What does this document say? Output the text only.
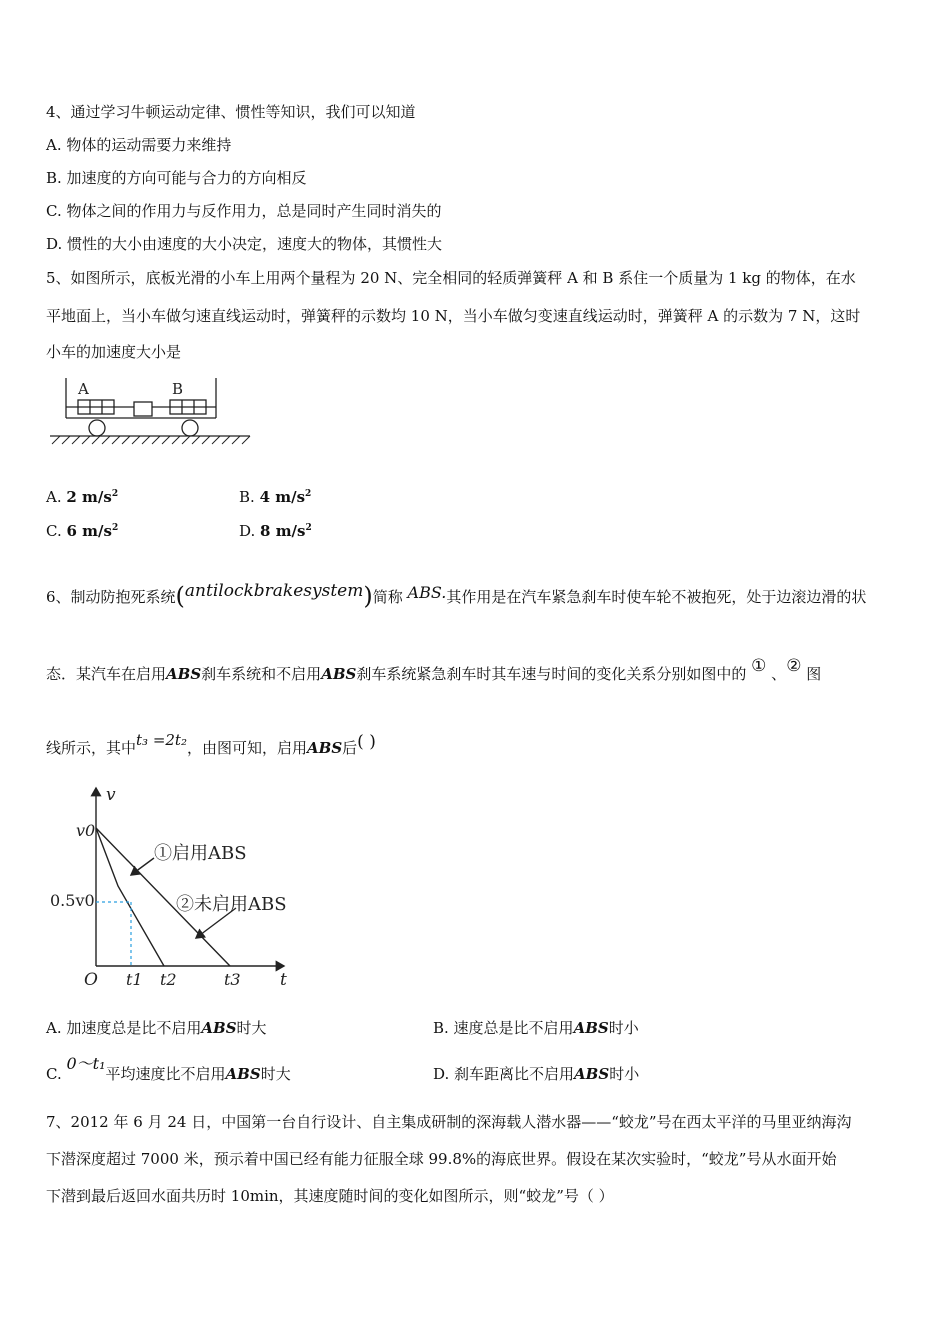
4、通过学习牛顿运动定律、惯性等知识，我们可以知道
A. 物体的运动需要力来维持
B. 加速度的方向可能与合力的方向相反
C. 物体之间的作用力与反作用力，总是同时产生同时消失的
D. 惯性的大小由速度的大小决定，速度大的物体，其惯性大
5、如图所示，底板光滑的小车上用两个量程为 20 N、完全相同的轻质弹簧秤 A 和 B 系住一个质量为 1 kg 的物体，在水
平地面上，当小车做匀速直线运动时，弹簧秤的示数均 10 N，当小车做匀变速直线运动时，弹簧秤 A 的示数为 7 N，这时
小车的加速度大小是
A	B
A. 2 $m/s^2$	B. 4 $m/s^2$
C. 6 $m/s^2$	D. 8 $m/s^2$
6、制动防抱死系统(antilockbrakesystem)简称 ABS.其作用是在汽车紧急刹车时使车轮不被抱死，处于边滚边滑的状
态．某汽车在启用ABS刹车系统和不启用ABS刹车系统紧急刹车时其车速与时间的变化关系分别如图中的 ① 、② 图
线所示，其中t₃ =2t₂，由图可知，启用ABS后( )
v
t
O
v0
0.5v0
t1 t2	t3
①启用ABS
②未启用ABS
A. 加速度总是比不启用ABS时大	B. 速度总是比不启用ABS时小
C. 0～t₁平均速度比不启用ABS时大	D. 刹车距离比不启用ABS时小
7、2012 年 6 月 24 日，中国第一台自行设计、自主集成研制的深海载人潜水器——“蛟龙”号在西太平洋的马里亚纳海沟
下潜深度超过 7000 米，预示着中国已经有能力征服全球 99.8%的海底世界。假设在某次实验时，“蛟龙”号从水面开始
下潜到最后返回水面共历时 10min，其速度随时间的变化如图所示，则“蛟龙”号（ ）
